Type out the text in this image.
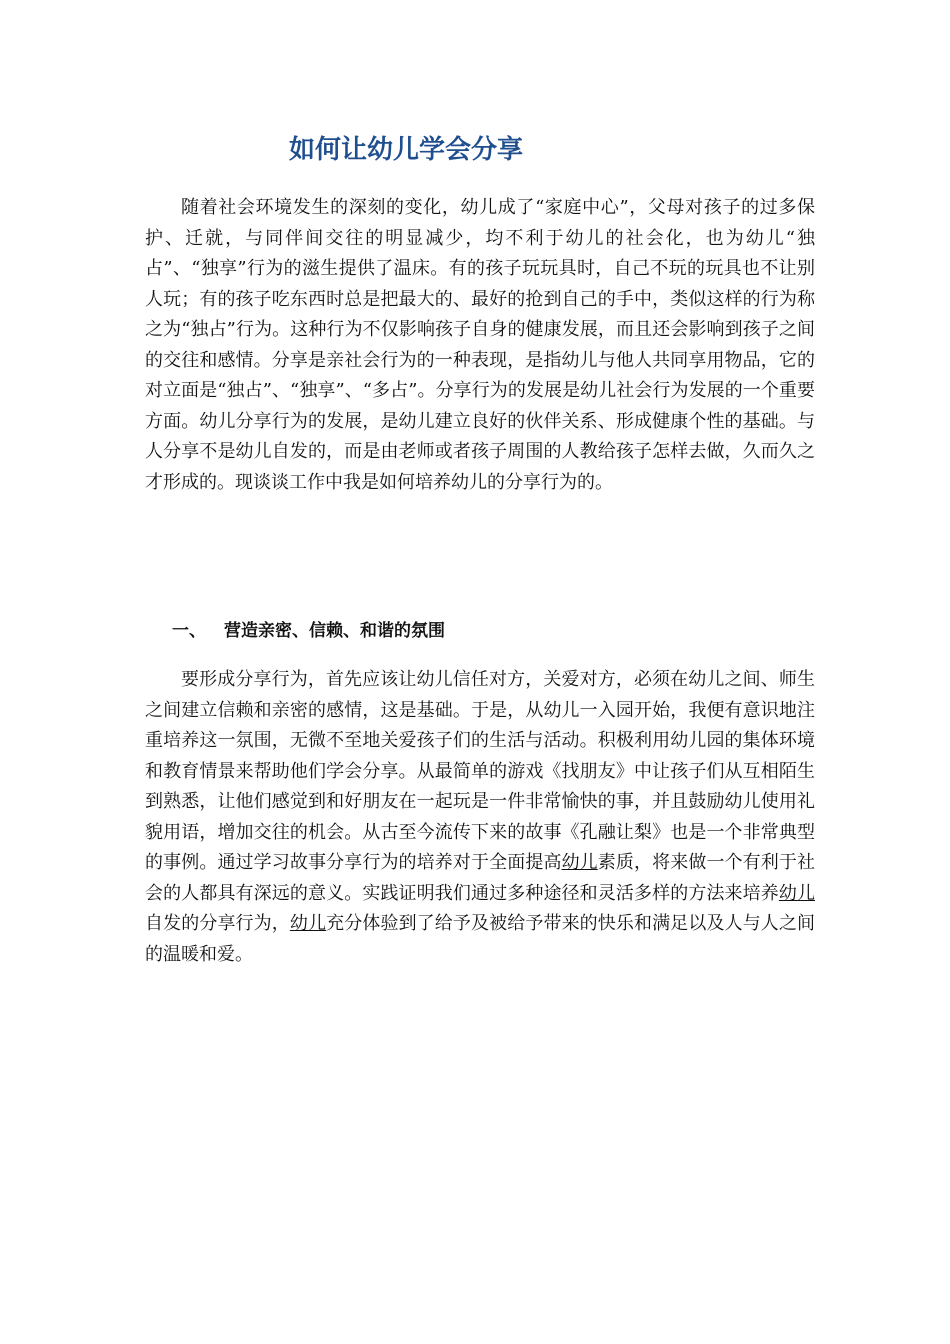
如何让幼儿学会分享

随着社会环境发生的深刻的变化，幼儿成了“家庭中心”，父母对孩子的过多保护、迁就，与同伴间交往的明显减少，均不利于幼儿的社会化，也为幼儿“独占”、“独享”行为的滋生提供了温床。有的孩子玩玩具时，自己不玩的玩具也不让别人玩；有的孩子吃东西时总是把最大的、最好的抢到自己的手中，类似这样的行为称之为“独占”行为。这种行为不仅影响孩子自身的健康发展，而且还会影响到孩子之间的交往和感情。分享是亲社会行为的一种表现，是指幼儿与他人共同享用物品，它的对立面是“独占”、“独享”、“多占”。分享行为的发展是幼儿社会行为发展的一个重要方面。幼儿分享行为的发展，是幼儿建立良好的伙伴关系、形成健康个性的基础。与人分享不是幼儿自发的，而是由老师或者孩子周围的人教给孩子怎样去做，久而久之才形成的。现谈谈工作中我是如何培养幼儿的分享行为的。

一、 营造亲密、信赖、和谐的氛围

要形成分享行为，首先应该让幼儿信任对方，关爱对方，必须在幼儿之间、师生之间建立信赖和亲密的感情，这是基础。于是，从幼儿一入园开始，我便有意识地注重培养这一氛围，无微不至地关爱孩子们的生活与活动。积极利用幼儿园的集体环境和教育情景来帮助他们学会分享。从最简单的游戏《找朋友》中让孩子们从互相陌生到熟悉，让他们感觉到和好朋友在一起玩是一件非常愉快的事，并且鼓励幼儿使用礼貌用语，增加交往的机会。从古至今流传下来的故事《孔融让梨》也是一个非常典型的事例。通过学习故事分享行为的培养对于全面提高幼儿素质，将来做一个有利于社会的人都具有深远的意义。实践证明我们通过多种途径和灵活多样的方法来培养幼儿自发的分享行为，幼儿充分体验到了给予及被给予带来的快乐和满足以及人与人之间的温暖和爱。
